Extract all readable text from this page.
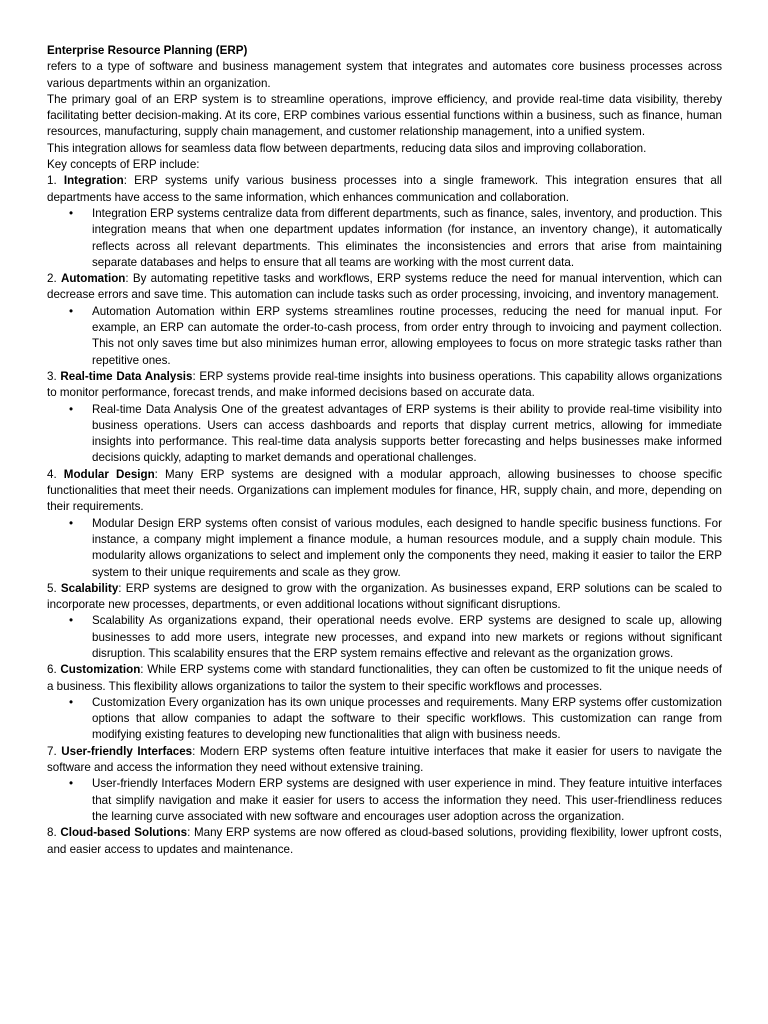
Enterprise Resource Planning (ERP)

refers to a type of software and business management system that integrates and automates core business processes across various departments within an organization.

The primary goal of an ERP system is to streamline operations, improve efficiency, and provide real-time data visibility, thereby facilitating better decision-making. At its core, ERP combines various essential functions within a business, such as finance, human resources, manufacturing, supply chain management, and customer relationship management, into a unified system.

This integration allows for seamless data flow between departments, reducing data silos and improving collaboration.

Key concepts of ERP include:

1. Integration: ERP systems unify various business processes into a single framework. This integration ensures that all departments have access to the same information, which enhances communication and collaboration.

• Integration ERP systems centralize data from different departments, such as finance, sales, inventory, and production. This integration means that when one department updates information (for instance, an inventory change), it automatically reflects across all relevant departments. This eliminates the inconsistencies and errors that arise from maintaining separate databases and helps to ensure that all teams are working with the most current data.

2. Automation: By automating repetitive tasks and workflows, ERP systems reduce the need for manual intervention, which can decrease errors and save time. This automation can include tasks such as order processing, invoicing, and inventory management.

• Automation Automation within ERP systems streamlines routine processes, reducing the need for manual input. For example, an ERP can automate the order-to-cash process, from order entry through to invoicing and payment collection. This not only saves time but also minimizes human error, allowing employees to focus on more strategic tasks rather than repetitive ones.

3. Real-time Data Analysis: ERP systems provide real-time insights into business operations. This capability allows organizations to monitor performance, forecast trends, and make informed decisions based on accurate data.

• Real-time Data Analysis One of the greatest advantages of ERP systems is their ability to provide real-time visibility into business operations. Users can access dashboards and reports that display current metrics, allowing for immediate insights into performance. This real-time data analysis supports better forecasting and helps businesses make informed decisions quickly, adapting to market demands and operational challenges.

4. Modular Design: Many ERP systems are designed with a modular approach, allowing businesses to choose specific functionalities that meet their needs. Organizations can implement modules for finance, HR, supply chain, and more, depending on their requirements.

• Modular Design ERP systems often consist of various modules, each designed to handle specific business functions. For instance, a company might implement a finance module, a human resources module, and a supply chain module. This modularity allows organizations to select and implement only the components they need, making it easier to tailor the ERP system to their unique requirements and scale as they grow.

5. Scalability: ERP systems are designed to grow with the organization. As businesses expand, ERP solutions can be scaled to incorporate new processes, departments, or even additional locations without significant disruptions.

• Scalability As organizations expand, their operational needs evolve. ERP systems are designed to scale up, allowing businesses to add more users, integrate new processes, and expand into new markets or regions without significant disruption. This scalability ensures that the ERP system remains effective and relevant as the organization grows.

6. Customization: While ERP systems come with standard functionalities, they can often be customized to fit the unique needs of a business. This flexibility allows organizations to tailor the system to their specific workflows and processes.

• Customization Every organization has its own unique processes and requirements. Many ERP systems offer customization options that allow companies to adapt the software to their specific workflows. This customization can range from modifying existing features to developing new functionalities that align with business needs.

7. User-friendly Interfaces: Modern ERP systems often feature intuitive interfaces that make it easier for users to navigate the software and access the information they need without extensive training.

• User-friendly Interfaces Modern ERP systems are designed with user experience in mind. They feature intuitive interfaces that simplify navigation and make it easier for users to access the information they need. This user-friendliness reduces the learning curve associated with new software and encourages user adoption across the organization.

8. Cloud-based Solutions: Many ERP systems are now offered as cloud-based solutions, providing flexibility, lower upfront costs, and easier access to updates and maintenance.
